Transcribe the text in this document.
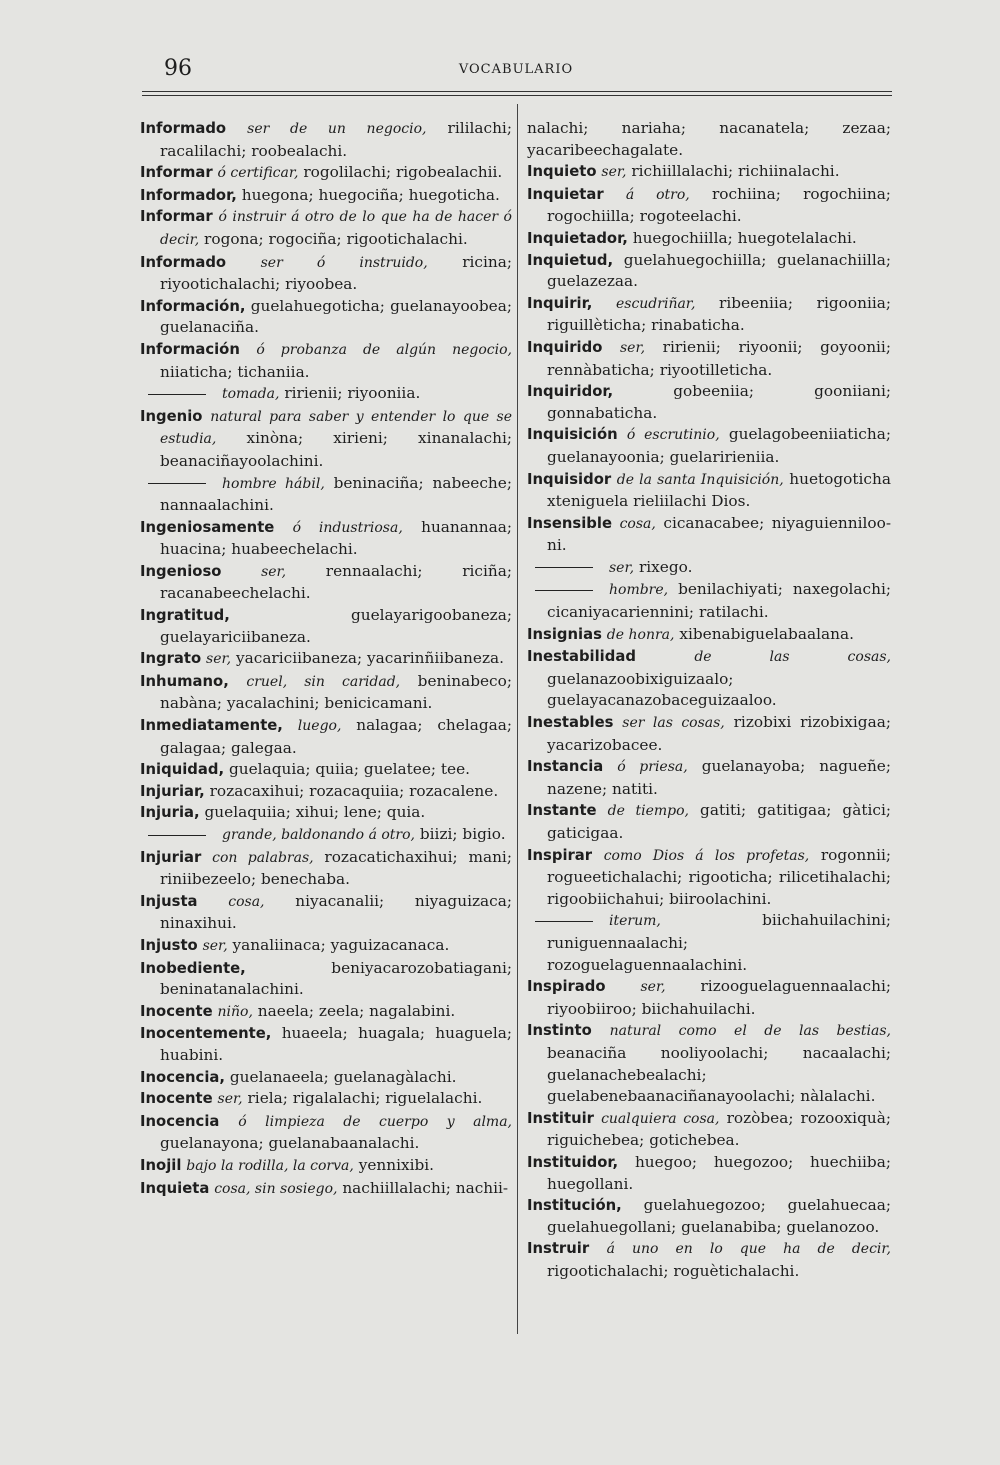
96	VOCABULARIO

Informado ser de un negocio, rililachi; racalilachi; roobealachi.

Informar ó certificar, rogolilachi; rigobealachii.

Informador, huegona; huegociña; huegoticha.

Informar ó instruir á otro de lo que ha de hacer ó decir, rogona; rogociña; rigootichalachi.

Informado ser ó instruido, ricina; riyootichalachi; riyoobea.

Información, guelahuegoticha; guelanayoobea; guelanaciña.

Información ó probanza de algún negocio, niiaticha; tichaniia.

tomada, ririenii; riyooniia.

Ingenio natural para saber y entender lo que se estudia, xinòna; xirieni; xinanalachi; beanaciñayoolachini.

hombre hábil, beninaciña; nabeeche; nannaalachini.

Ingeniosamente ó industriosa, huanannaa; huacina; huabeechelachi.

Ingenioso	ser,	rennaalachi; riciña; racanabeechelachi.

Ingratitud,	guelayarigoobaneza; guelayariciibaneza.

Ingrato ser, yacariciibaneza; yacarinñiibaneza.

Inhumano, cruel, sin caridad, beninabeco; nabàna; yacalachini; benicicamani.

Inmediatamente, luego, nalagaa; chelagaa; galagaa; galegaa.

Iniquidad, guelaquia; quiia; guelatee; tee.

Injuriar, rozacaxihui; rozacaquiia; rozacalene.

Injuria, guelaquiia; xihui; lene; quia.

grande, baldonando á otro, biizi; bigio.

Injuriar con palabras, rozacatichaxihui; mani; riniibezeelo; benechaba.

Injusta cosa, niyacanalii; niyaguizaca; ninaxihui.

Injusto ser, yanaliinaca; yaguizacanaca.

Inobediente,	beniyacarozobatiagani; beninatanalachini.

Inocente niño, naeela; zeela; nagalabini.

Inocentemente, huaeela; huagala; huaguela; huabini.

Inocencia, guelanaeela; guelanagàlachi.

Inocente ser, riela; rigalalachi; riguelalachi.

Inocencia ó limpieza de cuerpo y alma, guelanayona; guelanabaanalachi.

Inojil bajo la rodilla, la corva, yennixibi.

Inquieta cosa, sin sosiego, nachiillalachi; nachii-

nalachi; nariaha; nacanatela; zezaa; yacaribeechagalate.

Inquieto ser, richiillalachi; richiinalachi.

Inquietar á otro, rochiina; rogochiina; rogochiilla; rogoteelachi.

Inquietador, huegochiilla; huegotelalachi.

Inquietud, guelahuegochiilla; guelanachiilla; guelazezaa.

Inquirir, escudriñar, ribeeniia; rigooniia; riguillèticha; rinabaticha.

Inquirido ser, ririenii; riyoonii; goyoonii; rennàbaticha; riyootilleticha.

Inquiridor,	gobeeniia; gooniiani; gonnabaticha.

Inquisición ó escrutinio, guelagobeeniiaticha; guelanayoonia; guelaririeniia.

Inquisidor de la santa Inquisición, huetogoticha xteniguela rieliilachi Dios.

Insensible cosa, cicanacabee; niyaguiennilooni.

ser, rixego.

hombre, benilachiyati; naxegolachi; cicaniyacariennini; ratilachi.

Insignias de honra, xibenabiguelabaalana.

Inestabilidad	de las cosas, guelanazoobixiguizaalo; guelayacanazobaceguizaaloo.

Inestables ser las cosas, rizobixi rizobixigaa; yacarizobacee.

Instancia ó priesa, guelanayoba; nagueñe; nazene; natiti.

Instante de tiempo, gatiti; gatitigaa; gàtici; gaticigaa.

Inspirar como Dios á los profetas, rogonnii; rogueetichalachi; rigooticha; rilicetihalachi; rigoobiichahui; biiroolachini.

iterum,	biichahuilachini; runiguennaalachi; rozoguelaguennaalachini.

Inspirado ser, rizooguelaguennaalachi; riyoobiiroo; biichahuilachi.

Instinto natural como el de las bestias, beanaciña nooliyoolachi; nacaalachi; guelanachebealachi; guelabenebaanaciñanayoolachi; nàlalachi.

Instituir cualquiera cosa, rozòbea; rozooxiquà; riguichebea; gotichebea.

Instituidor, huegoo; huegozoo; huechiiba; huegollani.

Institución, guelahuegozoo; guelahuecaa; guelahuegollani; guelanabiba; guelanozoo.

Instruir á uno en lo que ha de decir, rigootichalachi; roguètichalachi.
